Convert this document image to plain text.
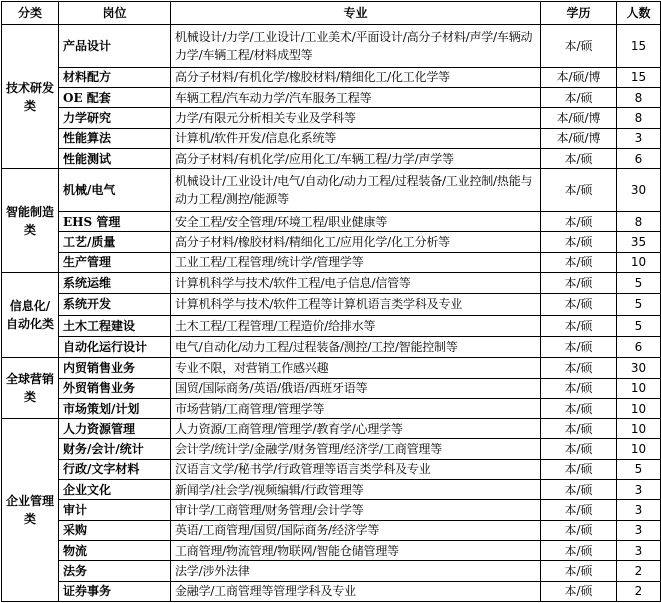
分类	岗位	专业	学历	人数
技术研发类	产品设计	机械设计/力学/工业设计/工业美术/平面设计/高分子材料/声学/车辆动力学/车辆工程/材料成型等	本/硕	15
	材料配方	高分子材料/有机化学/橡胶材料/精细化工/化工化学等	本/硕/博	15
	OE 配套	车辆工程/汽车动力学/汽车服务工程等	本/硕	8
	力学研究	力学/有限元分析相关专业及学科等	本/硕/博	8
	性能算法	计算机/软件开发/信息化系统等	本/硕/博	3
	性能测试	高分子材料/有机化学/应用化工/车辆工程/力学/声学等	本/硕	6
智能制造类	机械/电气	机械设计/工业设计/电气/自动化/动力工程/过程装备/工业控制/热能与动力工程/测控/能源等	本/硕	30
	EHS 管理	安全工程/安全管理/环境工程/职业健康等	本/硕	8
	工艺/质量	高分子材料/橡胶材料/精细化工/应用化学/化工分析等	本/硕	35
	生产管理	工业工程/工程管理/统计学/管理学等	本/硕	10
信息化/自动化类	系统运维	计算机科学与技术/软件工程/电子信息/信管等	本/硕	5
	系统开发	计算机科学与技术/软件工程等计算机语言类学科及专业	本/硕	5
	土木工程建设	土木工程/工程管理/工程造价/给排水等	本/硕	5
	自动化运行设计	电气/自动化/动力工程/过程装备/测控/工控/智能控制等	本/硕	6
全球营销类	内贸销售业务	专业不限，对营销工作感兴趣	本/硕	30
	外贸销售业务	国贸/国际商务/英语/俄语/西班牙语等	本/硕	10
	市场策划/计划	市场营销/工商管理/管理学等	本/硕	10
企业管理类	人力资源管理	人力资源/工商管理/管理学/教育学/心理学等	本/硕	10
	财务/会计/统计	会计学/统计学/金融学/财务管理/经济学/工商管理等	本/硕	10
	行政/文字材料	汉语言文学/秘书学/行政管理等语言类学科及专业	本/硕	5
	企业文化	新闻学/社会学/视频编辑/行政管理等	本/硕	3
	审计	审计学/工商管理/财务管理/会计学等	本/硕	3
	采购	英语/工商管理/国贸/国际商务/经济学等	本/硕	3
	物流	工商管理/物流管理/物联网/智能仓储管理等	本/硕	3
	法务	法学/涉外法律	本/硕	2
	证券事务	金融学/工商管理等管理学科及专业	本/硕	2
